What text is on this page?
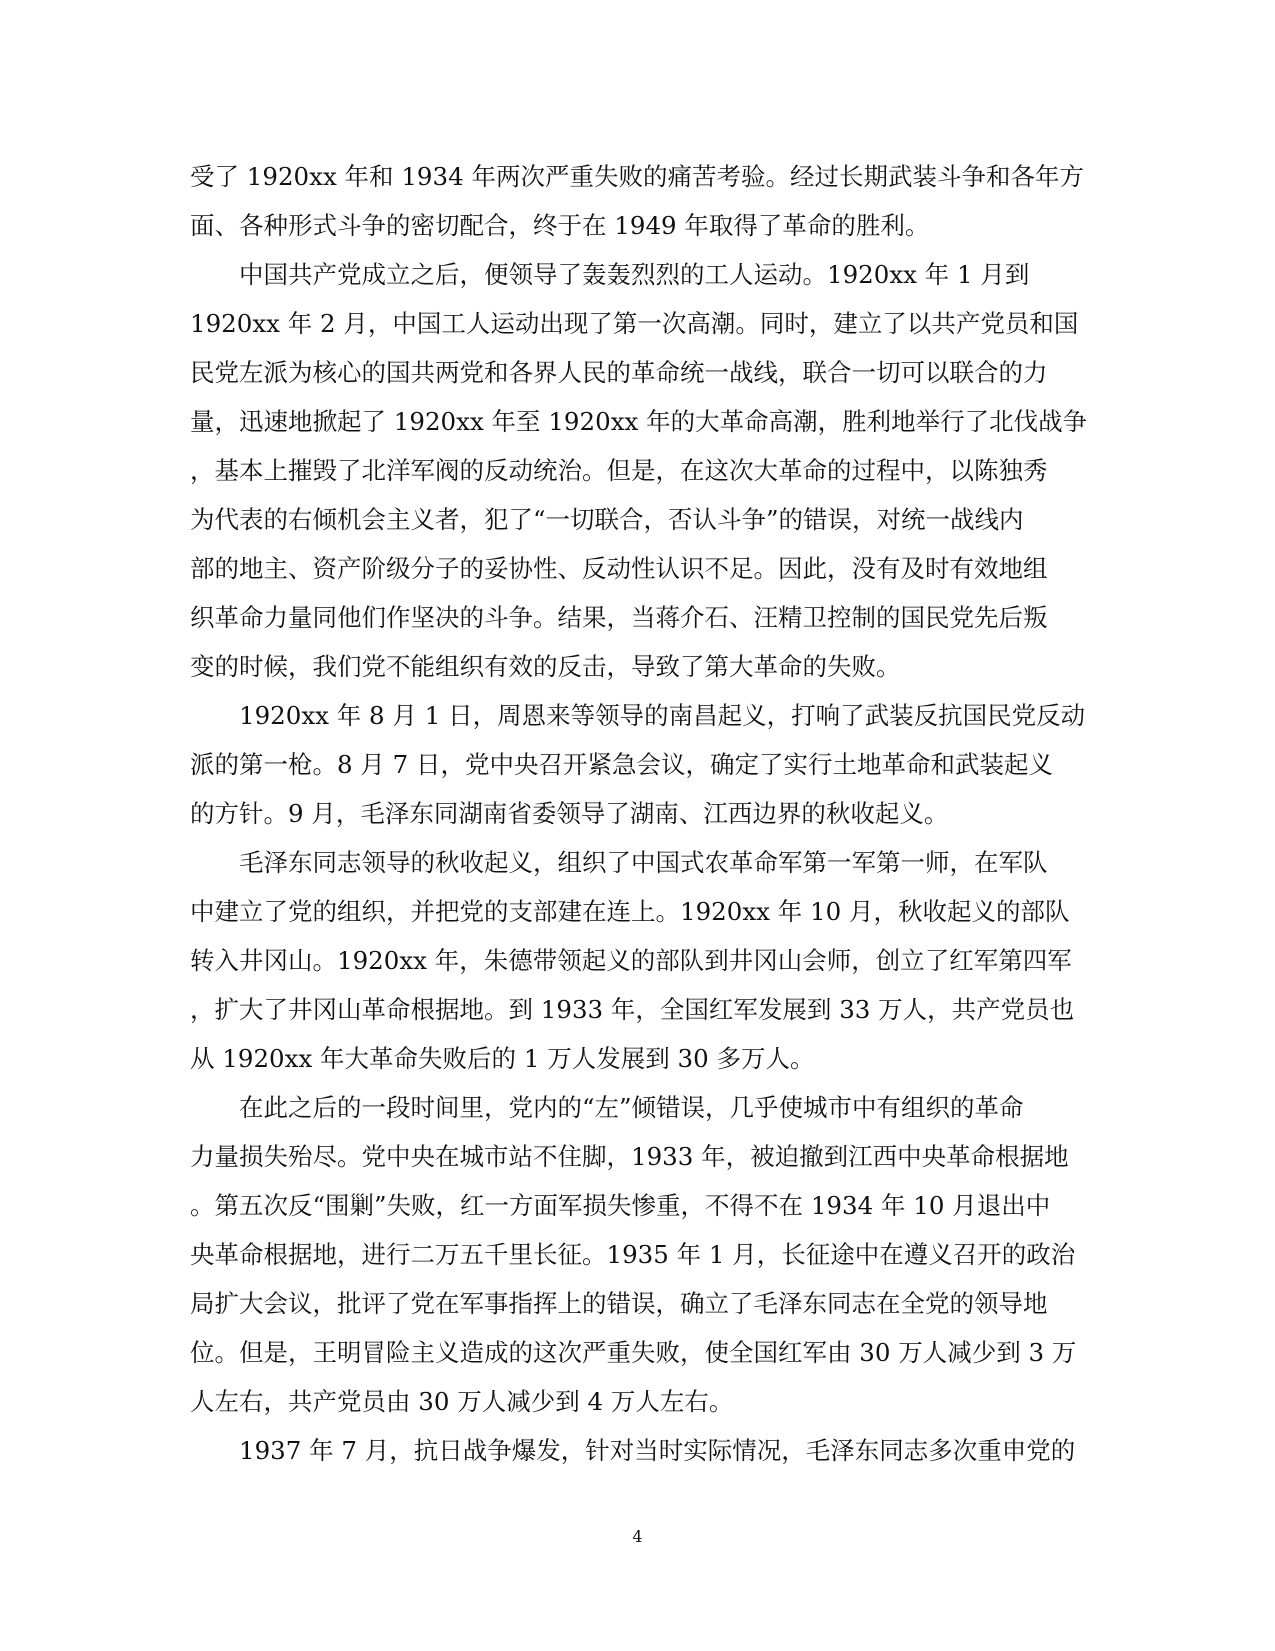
受了 1920xx 年和 1934 年两次严重失败的痛苦考验。经过长期武装斗争和各年方
面、各种形式斗争的密切配合，终于在 1949 年取得了革命的胜利。
中国共产党成立之后，便领导了轰轰烈烈的工人运动。1920xx 年 1 月到
1920xx 年 2 月，中国工人运动出现了第一次高潮。同时，建立了以共产党员和国
民党左派为核心的国共两党和各界人民的革命统一战线，联合一切可以联合的力
量，迅速地掀起了 1920xx 年至 1920xx 年的大革命高潮，胜利地举行了北伐战争
，基本上摧毁了北洋军阀的反动统治。但是，在这次大革命的过程中，以陈独秀
为代表的右倾机会主义者，犯了“一切联合，否认斗争”的错误，对统一战线内
部的地主、资产阶级分子的妥协性、反动性认识不足。因此，没有及时有效地组
织革命力量同他们作坚决的斗争。结果，当蒋介石、汪精卫控制的国民党先后叛
变的时候，我们党不能组织有效的反击，导致了第大革命的失败。
1920xx 年 8 月 1 日，周恩来等领导的南昌起义，打响了武装反抗国民党反动
派的第一枪。8 月 7 日，党中央召开紧急会议，确定了实行土地革命和武装起义
的方针。9 月，毛泽东同湖南省委领导了湖南、江西边界的秋收起义。
毛泽东同志领导的秋收起义，组织了中国式农革命军第一军第一师，在军队
中建立了党的组织，并把党的支部建在连上。1920xx 年 10 月，秋收起义的部队
转入井冈山。1920xx 年，朱德带领起义的部队到井冈山会师，创立了红军第四军
，扩大了井冈山革命根据地。到 1933 年，全国红军发展到 33 万人，共产党员也
从 1920xx 年大革命失败后的 1 万人发展到 30 多万人。
在此之后的一段时间里，党内的“左”倾错误，几乎使城市中有组织的革命
力量损失殆尽。党中央在城市站不住脚，1933 年，被迫撤到江西中央革命根据地
。第五次反“围剿”失败，红一方面军损失惨重，不得不在 1934 年 10 月退出中
央革命根据地，进行二万五千里长征。1935 年 1 月，长征途中在遵义召开的政治
局扩大会议，批评了党在军事指挥上的错误，确立了毛泽东同志在全党的领导地
位。但是，王明冒险主义造成的这次严重失败，使全国红军由 30 万人减少到 3 万
人左右，共产党员由 30 万人减少到 4 万人左右。
1937 年 7 月，抗日战争爆发，针对当时实际情况，毛泽东同志多次重申党的
4
